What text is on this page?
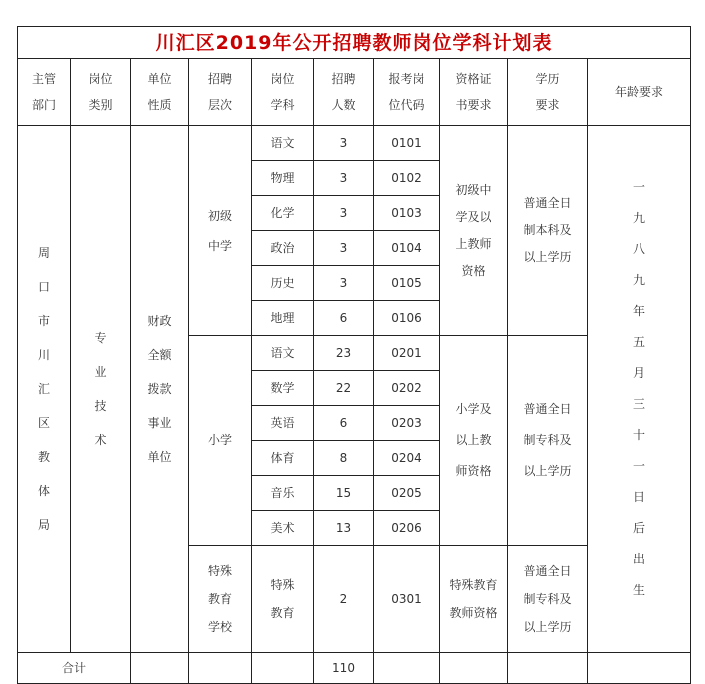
川汇区2019年公开招聘教师岗位学科计划表									
主管部门	岗位类别	单位性质	招聘层次	岗位学科	招聘人数	报考岗位代码	资格证书要求	学历要求	年龄要求
周口市川汇区教体局	专业技术	财政全额拨款事业单位	初级中学	语文	3	0101	初级中学及以上教师资格	普通全日制本科及以上学历	一九八九年五月三十一日后出生
				物理	3	0102			
				化学	3	0103			
				政治	3	0104			
				历史	3	0105			
				地理	6	0106			
			小学	语文	23	0201	小学及以上教师资格	普通全日制专科及以上学历	
				数学	22	0202			
				英语	6	0203			
				体育	8	0204			
				音乐	15	0205			
				美术	13	0206			
			特殊教育学校	特殊教育	2	0301	特殊教育教师资格	普通全日制专科及以上学历	
合计					110				
